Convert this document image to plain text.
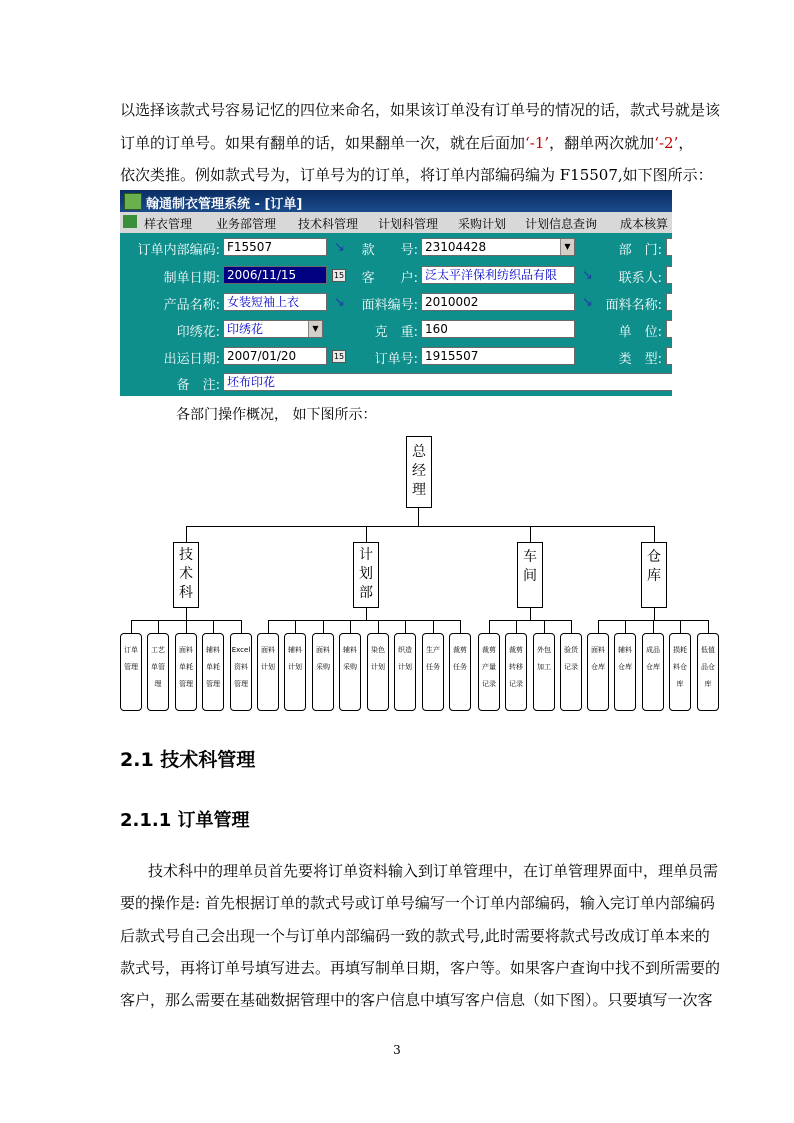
以选择该款式号容易记忆的四位来命名，如果该订单没有订单号的情况的话，款式号就是该
订单的订单号。如果有翻单的话，如果翻单一次，就在后面加‘-1’，翻单两次就加‘-2’，
依次类推。例如款式号为，订单号为的订单，将订单内部编码编为 F15507,如下图所示：
翰通制衣管理系统 - [订单]
样衣管理 业务部管理 技术科管理 计划科管理 采购计划 计划信息查询 成本核算
订单内部编码: F15507	↘	款　　号: 23104428	▼	部　门:
制单日期: 2006/11/15	15	客　　户: 泛太平洋保利纺织品有限	↘	联系人:
产品名称: 女装短袖上衣	↘	面料编号: 2010002	↘ 面料名称:
印绣花: 印绣花	▼	克　重: 160	单　位:
出运日期: 2007/01/20	15	订单号: 1915507	类　型:
备　注: 坯布印花
各部门操作概况， 如下图所示：
总
经
理
技
术
科
计
划
部
车
间
仓
库
订单
管理
工艺
单管
理
面料
单耗
管理
辅料
单耗
管理
Excel
资料
管理
面料
计划
辅料
计划
面料
采购
辅料
采购
染色
计划
织造
计划
生产
任务
裁剪
任务
裁剪
产量
记录
裁剪
转移
记录
外包
加工
验货
记录
面料
仓库
辅料
仓库
成品
仓库
损耗
料仓
库
低值
品仓
库
2.1 技术科管理
2.1.1 订单管理
技术科中的理单员首先要将订单资料输入到订单管理中，在订单管理界面中，理单员需
要的操作是: 首先根据订单的款式号或订单号编写一个订单内部编码，输入完订单内部编码
后款式号自己会出现一个与订单内部编码一致的款式号,此时需要将款式号改成订单本来的
款式号，再将订单号填写进去。再填写制单日期，客户等。如果客户查询中找不到所需要的
客户，那么需要在基础数据管理中的客户信息中填写客户信息（如下图）。只要填写一次客
3
